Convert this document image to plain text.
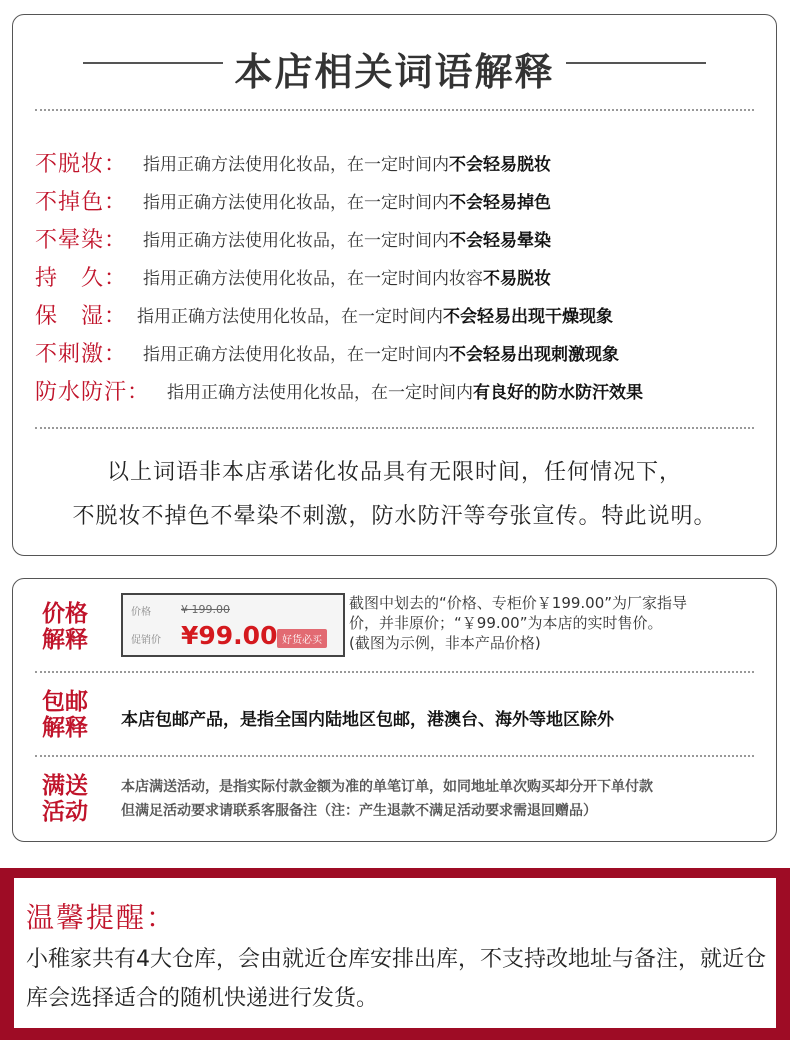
本店相关词语解释
不脱妆： 指用正确方法使用化妆品，在一定时间内不会轻易脱妆
不掉色： 指用正确方法使用化妆品，在一定时间内不会轻易掉色
不晕染： 指用正确方法使用化妆品，在一定时间内不会轻易晕染
持　久： 指用正确方法使用化妆品，在一定时间内妆容不易脱妆
保　湿： 指用正确方法使用化妆品，在一定时间内不会轻易出现干燥现象
不刺激： 指用正确方法使用化妆品，在一定时间内不会轻易出现刺激现象
防水防汗： 指用正确方法使用化妆品，在一定时间内有良好的防水防汗效果
以上词语非本店承诺化妆品具有无限时间，任何情况下，
不脱妆不掉色不晕染不刺激，防水防汗等夸张宣传。特此说明。
价格
解释
价格	¥ 199.00
促销价 ¥99.00 好货必买
截图中划去的“价格、专柜价￥199.00”为厂家指导
价，并非原价；“￥99.00”为本店的实时售价。
(截图为示例，非本产品价格)
包邮
解释	本店包邮产品，是指全国内陆地区包邮，港澳台、海外等地区除外
满送
活动
本店满送活动，是指实际付款金额为准的单笔订单，如同地址单次购买却分开下单付款
但满足活动要求请联系客服备注（注：产生退款不满足活动要求需退回赠品）
温馨提醒：
小稚家共有4大仓库，会由就近仓库安排出库，不支持改地址与备注，就近仓库会选择适合的随机快递进行发货。
